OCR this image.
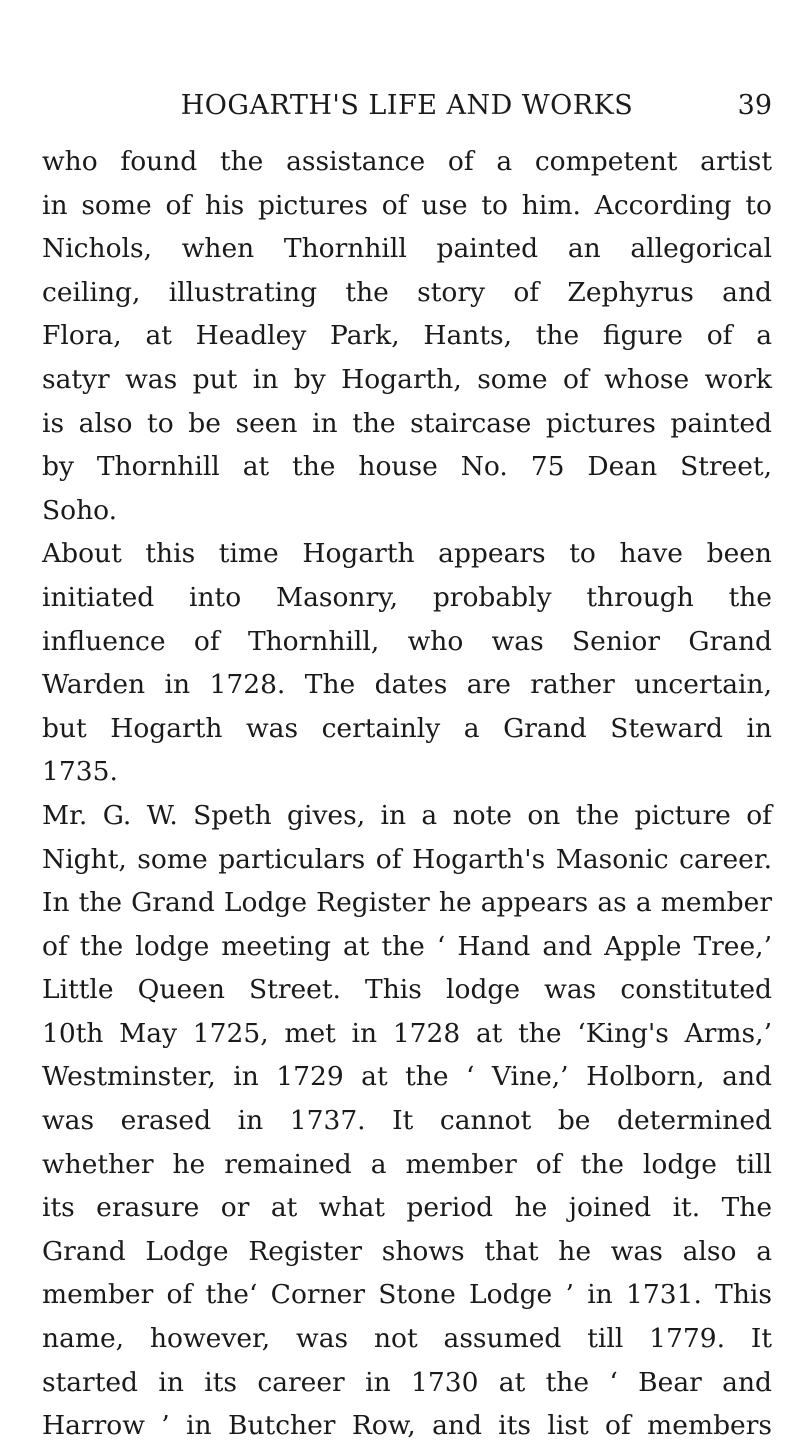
HOGARTH'S LIFE AND WORKS	39
who found the assistance of a competent artist
in some of his pictures of use to him. According to
Nichols, when Thornhill painted an allegorical
ceiling, illustrating the story of Zephyrus and
Flora, at Headley Park, Hants, the figure of a
satyr was put in by Hogarth, some of whose work
is also to be seen in the staircase pictures painted
by Thornhill at the house No. 75 Dean Street,
Soho.
About this time Hogarth appears to have been
initiated into Masonry, probably through the
influence of Thornhill, who was Senior Grand
Warden in 1728. The dates are rather uncertain,
but Hogarth was certainly a Grand Steward in
1735.
Mr. G. W. Speth gives, in a note on the picture of
Night, some particulars of Hogarth's Masonic career.
In the Grand Lodge Register he appears as a member
of the lodge meeting at the ‘ Hand and Apple Tree,’
Little Queen Street. This lodge was constituted
10th May 1725, met in 1728 at the ‘King's Arms,’
Westminster, in 1729 at the ‘ Vine,’ Holborn, and
was erased in 1737. It cannot be determined
whether he remained a member of the lodge till
its erasure or at what period he joined it. The
Grand Lodge Register shows that he was also a
member of the‘ Corner Stone Lodge ’ in 1731. This
name, however, was not assumed till 1779. It
started in its career in 1730 at the ‘ Bear and
Harrow ’ in Butcher Row, and its list of members
